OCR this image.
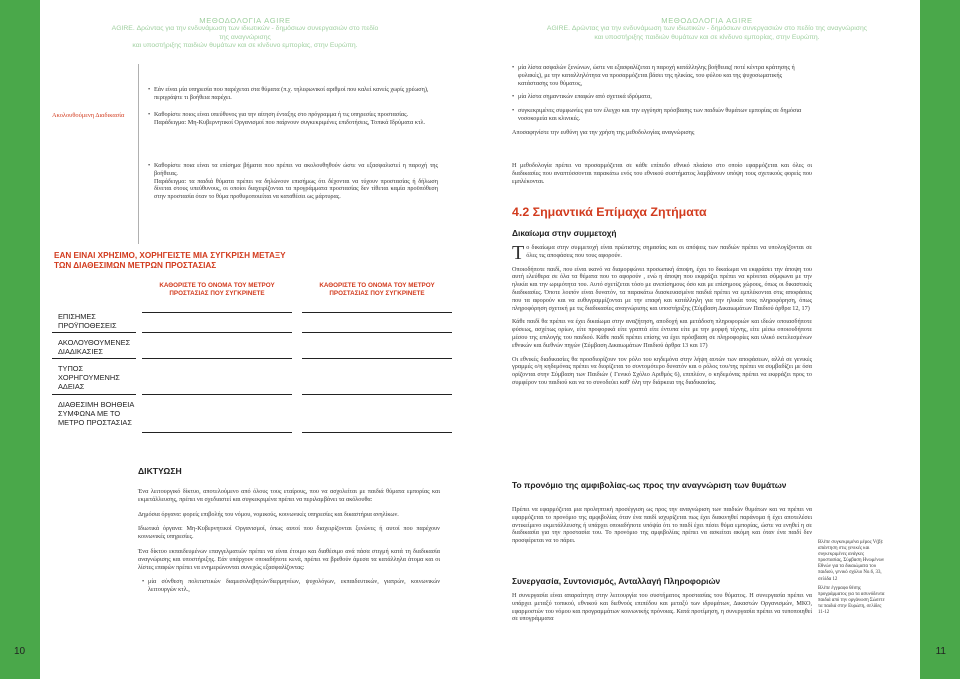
10
ΜΕΘΟΔΟΛΟΓΙΑ AGIRE
AGIRE. Δρώντας για την ενδυνάμωση των ιδιωτικών - δημόσιων συνεργασιών στο πεδίο της αναγνώρισης
και υποστήριξης παιδιών θυμάτων και σε κίνδυνο εμπορίας, στην Ευρώπη.
Ακολουθούμενη Διαδικασία
• Εάν είναι μία υπηρεσία που παρέχεται στα θύματα (π.χ. τηλεφωνικοί αριθμοί που καλεί κανείς χωρίς χρέωση), περιγράψτε τι βοήθεια παρέχει.
• Καθορίστε ποιος είναι υπεύθυνος για την αίτηση ένταξης στο πρόγραμμα ή τις υπηρεσίες προστασίας.

Παράδειγμα: Μη-Κυβερνητικοί Οργανισμοί που παίρνουν συγκεκριμένες επιδοτήσεις, Τοπικά Ιδρύματα κτλ.

• Καθορίστε ποια είναι τα επίσημα βήματα που πρέπει να ακολουθηθούν ώστε να εξασφαλιστεί η παροχή της βοήθειας.

Παράδειγμα: τα παιδιά θύματα πρέπει να δηλώνουν επισήμως ότι δέχονται να τύχουν προστασίας ή δήλωση δίνεται στους υπεύθυνους, οι οποίοι διαχειρίζονται τα προγράμματα προστασίας δεν τίθεται καμία προϋπόθεση στην προστασία όταν το θύμα προθυμοποιείται να καταθέσει ως μάρτυρας.

ΕΑΝ ΕΙΝΑΙ ΧΡΗΣΙΜΟ, ΧΟΡΗΓΕΙΣΤΕ ΜΙΑ ΣΥΓΚΡΙΣΗ ΜΕΤΑΞΥ
ΤΩΝ ΔΙΑΘΕΣΙΜΩΝ ΜΕΤΡΩΝ ΠΡΟΣΤΑΣΙΑΣ
ΚΑΘΟΡΙΣΤΕ ΤΟ ΟΝΟΜΑ ΤΟΥ ΜΕΤΡΟΥ ΠΡΟΣΤΑΣΙΑΣ ΠΟΥ ΣΥΓΚΡΙΝΕΤΕ
ΚΑΘΟΡΙΣΤΕ ΤΟ ΟΝΟΜΑ ΤΟΥ ΜΕΤΡΟΥ ΠΡΟΣΤΑΣΙΑΣ ΠΟΥ ΣΥΓΚΡΙΝΕΤΕ
ΕΠΙΣΗΜΕΣ ΠΡΟΫΠΟΘΕΣΕΙΣ
ΑΚΟΛΟΥΘΟΥΜΕΝΕΣ ΔΙΑΔΙΚΑΣΙΕΣ
ΤΥΠΟΣ ΧΟΡΗΓΟΥΜΕΝΗΣ ΑΔΕΙΑΣ
ΔΙΑΘΕΣΙΜΗ ΒΟΗΘΕΙΑ ΣΥΜΦΩΝΑ ΜΕ ΤΟ ΜΕΤΡΟ ΠΡΟΣΤΑΣΙΑΣ
ΔΙΚΤΥΩΣΗ

Ένα λειτουργικό δίκτυο, αποτελούμενο από όλους τους εταίρους, που να ασχολείται με παιδιά θύματα εμπορίας και εκμετάλλευσης, πρέπει να σχεδιαστεί και συγκεκριμένα πρέπει να περιλαμβάνει τα ακόλουθα:

Δημόσια όργανα: φορείς επιβολής του νόμου, νομικούς, κοινωνικές υπηρεσίες και δικαστήρια ανηλίκων.

Ιδιωτικά όργανα: Μη-Κυβερνητικοί Οργανισμοί, όπως αυτοί που διαχειρίζονται ξενώνες ή αυτοί που παρέχουν κοινωνικές υπηρεσίες.

Ένα δίκτυο εκπαιδευμένων επαγγελματιών πρέπει να είναι έτοιμο και διαθέσιμο ανά πάσα στιγμή κατά τη διαδικασία αναγνώρισης και υποστήριξης. Εάν υπάρχουν οποιαδήποτε κενά, πρέπει να βρεθούν άμεσα τα κατάλληλα άτομα και οι λίστες επαφών πρέπει να ενημερώνονται συνεχώς εξασφαλίζοντας:

• μία σύνθεση πολιτιστικών διαμεσολαβητών/διερμηνέων, ψυχολόγων, εκπαιδευτικών, γιατρών, κοινωνικών λειτουργών κτλ.,
11
ΜΕΘΟΔΟΛΟΓΙΑ AGIRE
AGIRE. Δρώντας για την ενδυνάμωση των ιδιωτικών - δημόσιων συνεργασιών στο πεδίο της αναγνώρισης
και υποστήριξης παιδιών θυμάτων και σε κίνδυνο εμπορίας, στην Ευρώπη.
• μία λίστα ασφαλών ξενώνων, ώστε να εξασφαλίζεται η παροχή κατάλληλης βοήθειας( ποτέ κέντρα κράτησης ή φυλακές), με την καταλληλότητα να προσαρμόζεται βάσει της ηλικίας, του φύλου και της ψυχοσωματικής κατάστασης του θύματος,
• μία λίστα σημαντικών επαφών από σχετικά ιδρύματα,
• συγκεκριμένες συμφωνίες για τον έλεγχο και την εγγύηση πρόσβασης των παιδιών θυμάτων εμπορίας σε δημόσια νοσοκομεία και κλινικές.

Αποσαφηνίστε την ευθύνη για την χρήση της μεθοδολογίας αναγνώρισης

Η μεθοδολογία πρέπει να προσαρμόζεται σε κάθε επίπεδο εθνικό πλαίσιο στο οποίο εφαρμόζεται και όλες οι διαδικασίες που αναπτύσσονται παρακάτω ενός του εθνικού συστήματος λαμβάνουν υπόψη τους σχετικούς φορείς που εμπλέκονται.
4.2 Σημαντικά Επίμαχα Ζητήματα
Δικαίωμα στην συμμετοχή

Το δικαίωμα στην συμμετοχή είναι πρώτιστης σημασίας και οι απόψεις των παιδιών πρέπει να υπολογίζονται σε όλες τις αποφάσεις που τους αφορούν.

Οποιοδήποτε παιδί, που είναι ικανό να διαμορφώνει προσωπική άποψη, έχει το δικαίωμα να εκφράσει την άποψη του αυτή ελεύθερα σε όλα τα θέματα που το αφορούν , ενώ η άποψη που εκφράζει πρέπει να κρίνεται σύμφωνα με την ηλικία και την ωριμότητα του. Αυτό σχετίζεται τόσο με ανεπίσημους όσο και με επίσημους χώρους, όπως οι δικαστικές διαδικασίες. Όποτε λοιπόν είναι δυνατόν, τα παρακάτω διασκευασμένα παιδιά πρέπει να εμπλέκονται στις αποφάσεις που τα αφορούν και να ευθυγραμμίζονται με την επαφή και κατάλληλη για την ηλικία τους πληροφόρηση, όπως πληροφόρηση σχετική με τις διαδικασίες αναγνώρισης και υποστήριξης (Σύμβαση Δικαιωμάτων Παιδιού άρθρα 12, 17)

Κάθε παιδί θα πρέπει να έχει δικαίωμα στην αναζήτηση, αποδοχή και μετάδοση πληροφοριών και ιδεών οποιασδήποτε φύσεως, ασχέτως ορίων, είτε προφορικά είτε γραπτά είτε έντυπα είτε με την μορφή τέχνης, είτε μέσω οποιουδήποτε μέσου της επιλογής του παιδιού. Κάθε παιδί πρέπει επίσης να έχει πρόσβαση σε πληροφορίες και υλικό εκτελεσμένων εθνικών και διεθνών πηγών (Σύμβαση Δικαιωμάτων Παιδιού άρθρα 13 και 17)

Οι εθνικές διαδικασίες θα προσδιορίζουν τον ρόλο του κηδεμόνα στην λήψη αυτών των αποφάσεων, αλλά σε γενικές γραμμές ο/η κηδεμόνας πρέπει να διορίζεται το συντομότερο δυνατόν και ο ρόλος του/της πρέπει να συμβαδίζει με όσα ορίζονται στην Σύμβαση των Παιδιών ( Γενικό Σχόλιο Αριθμός 6), επιπλέον, ο κηδεμόνας πρέπει να εκφράζει προς το συμφέρον του παιδιού και να το συνοδεύει καθ' όλη την διάρκεια της διαδικασίας.

Το προνόμιο της αμφιβολίας-ως προς την αναγνώριση των θυμάτων
Πρέπει να εφαρμόζεται μια προληπτική προσέγγιση ως προς την αναγνώριση των παιδιών θυμάτων και να πρέπει να εφαρμόζεται το προνόμιο της αμφιβολίας όταν ένα παιδί ισχυρίζεται πως έχει διακινηθεί παράνομα ή έχει αποτελέσει αντικείμενο εκμετάλλευσης ή υπάρχει οποιαδήποτε υπόψία ότι το παιδί έχει πέσει θύμα εμπορίας, ώστε να ενηθεί η σε διαδικασία για την προστασία του. Το προνόμιο της αμφιβολίας πρέπει να ασκείται ακόμη και όταν ένα παιδί δεν προσφέρεται να το πάρει.
Συνεργασία, Συντονισμός, Ανταλλαγή Πληροφοριών
Η συνεργασία είναι απαραίτητη στην λειτουργία του συστήματος προστασίας του θύματος. Η συνεργασία πρέπει να υπάρχει μεταξύ τοπικού, εθνικού και διεθνούς επιπέδου και μεταξύ των ιδρυμάτων, Δικαστών Οργανισμών, ΜΚΟ, εφαρμοστών του νόμου και προγραμμάτων κοινωνικής πρόνοιας. Κατά προτίμηση, η συνεργασία πρέπει να τυποποιηθεί σε υπογράμματα

Βλέπε συγκεκριμένα μέρος V(β): απάντηση στις γενικές και συγκεκριμένες ανάγκες προστασίας, Σύμβαση Ηνωμένων Εθνών για τα δικαιώματα του παιδιού, γενικό σχόλιο No.6, 33, σελίδα 12

Βλέπε έγγραφο θέσης προγράμματος για τα ασυνόδευτα παιδιά από την οργάνωση Σώσετε τα παιδιά στην Ευρώπη, σελίδες 11-12
